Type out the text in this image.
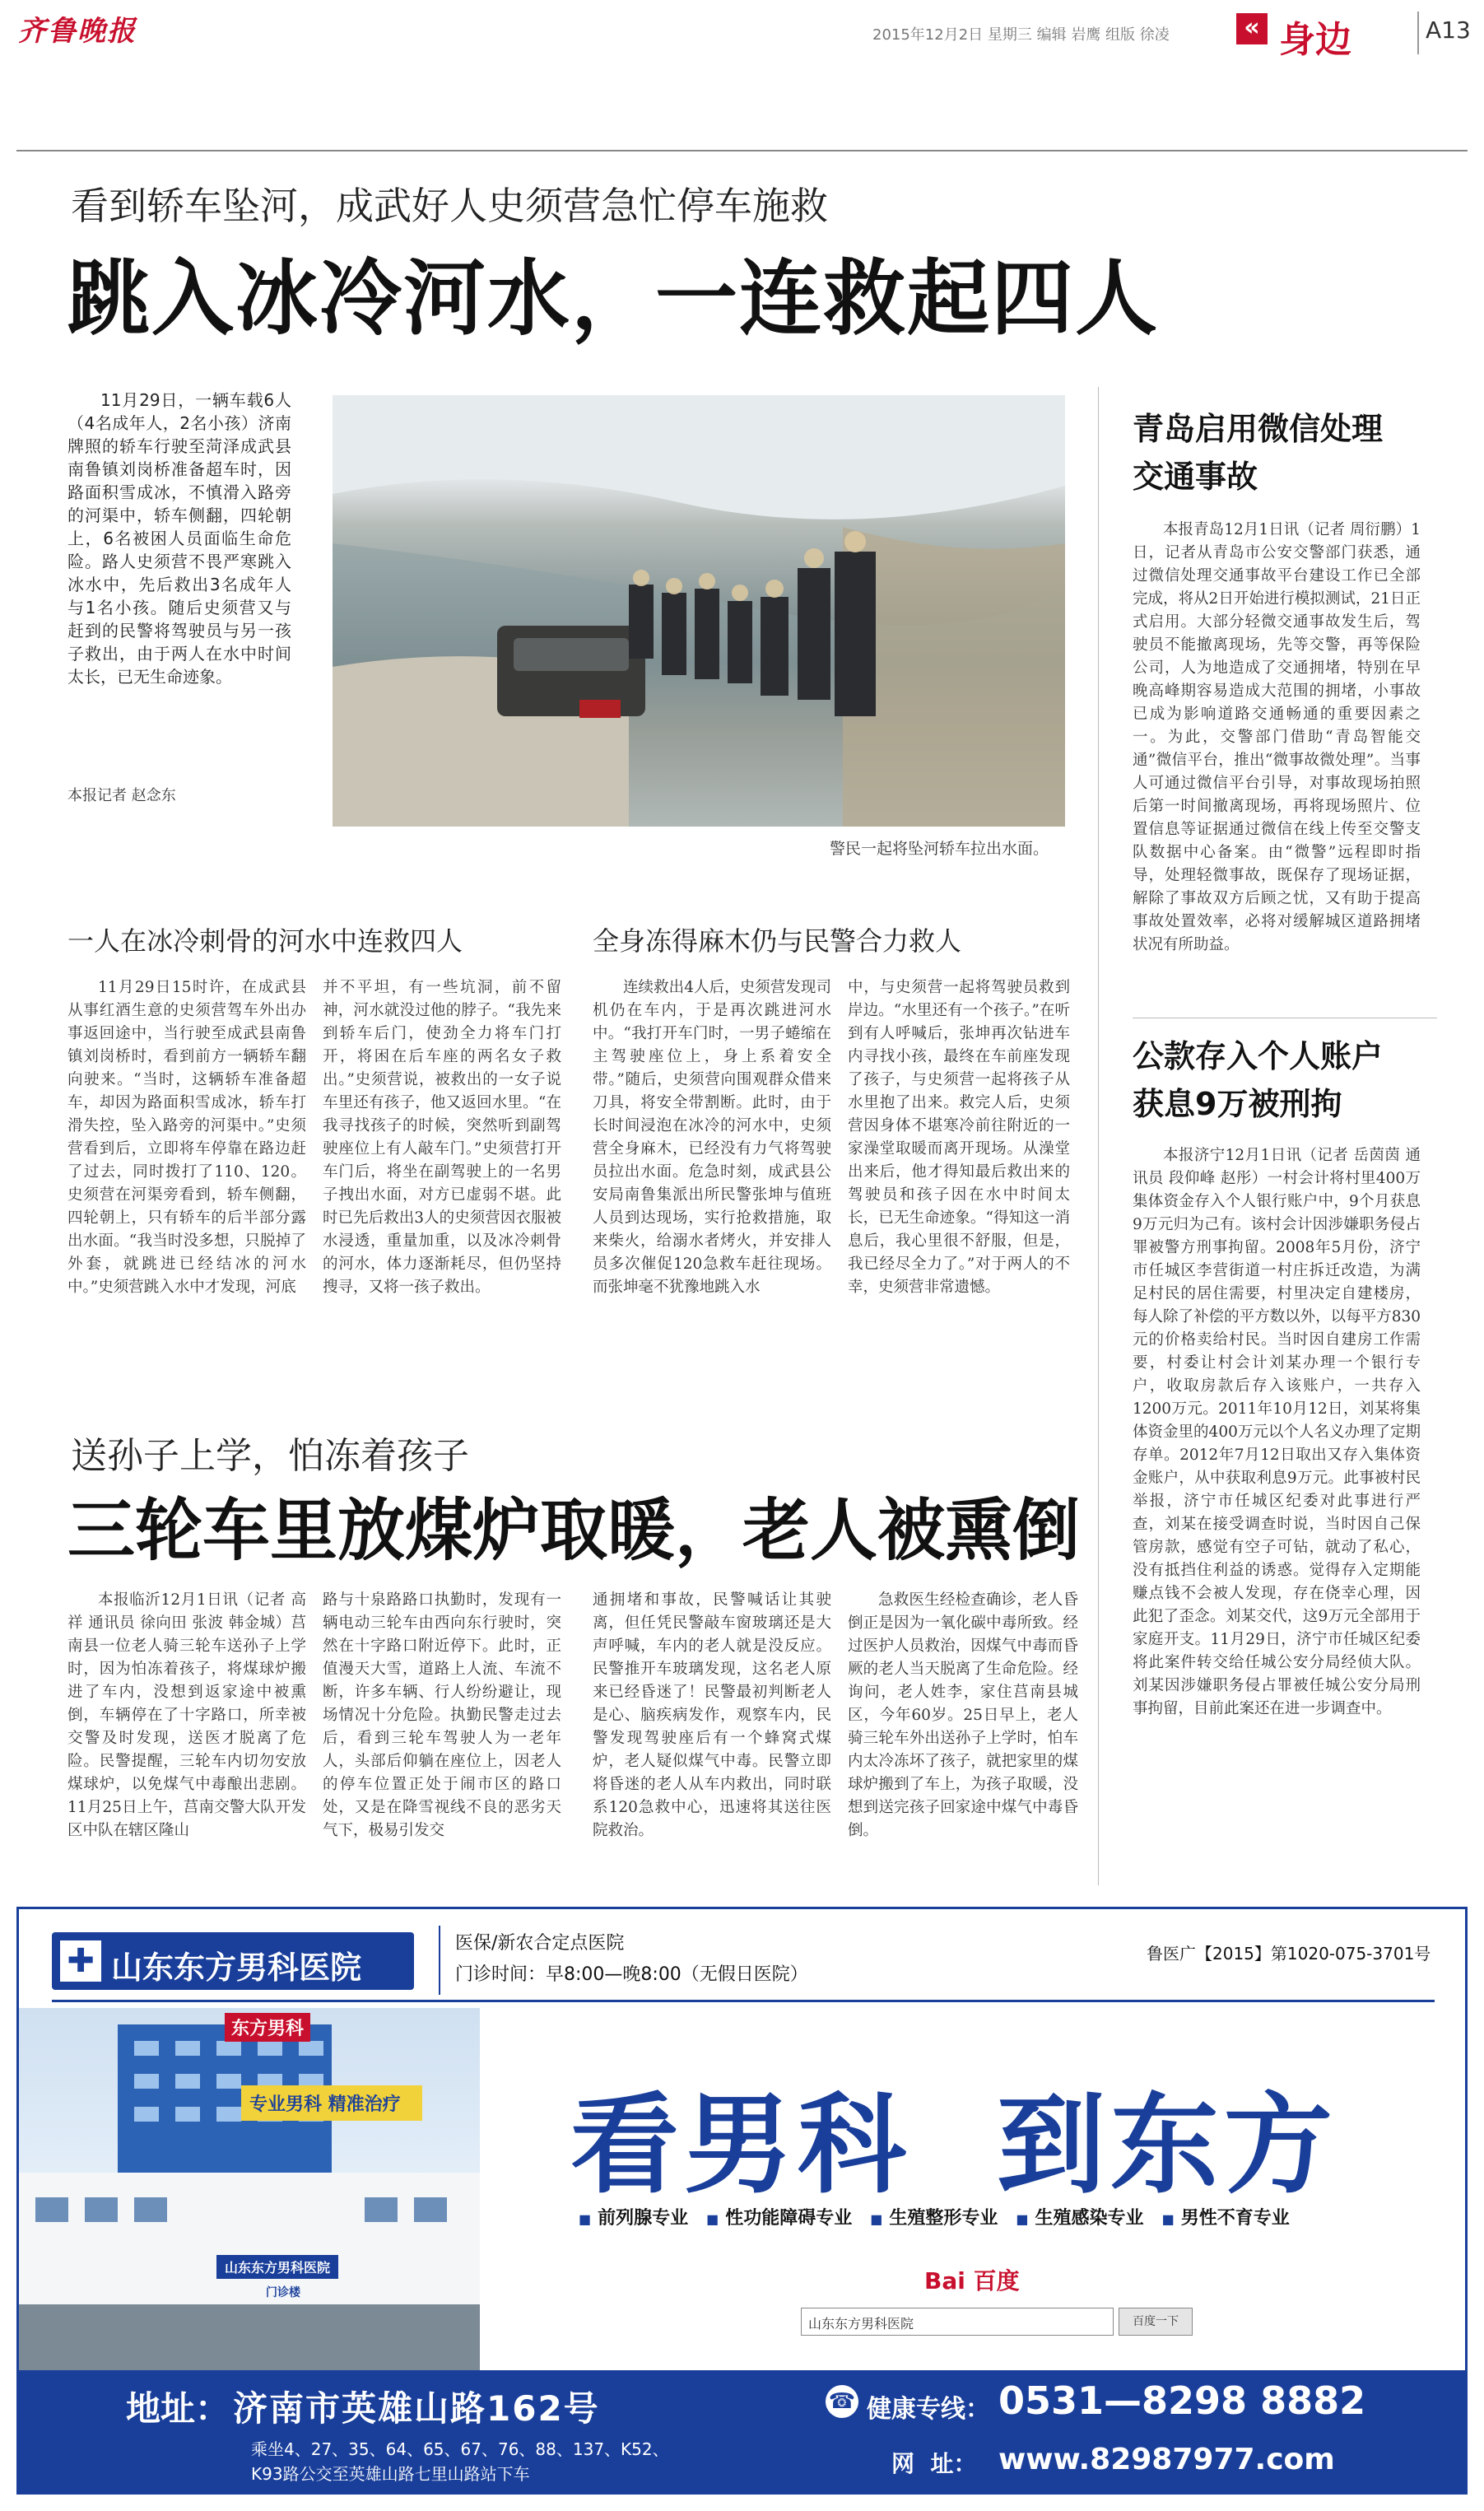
齐鲁晚报	2015年12月2日 星期三 编辑 岩鹰 组版 徐凌	« 身边	A13
看到轿车坠河，成武好人史须营急忙停车施救
跳入冰冷河水，一连救起四人
11月29日，一辆车载6人（4名成年人，2名小孩）济南牌照的轿车行驶至菏泽成武县南鲁镇刘岗桥准备超车时，因路面积雪成冰，不慎滑入路旁的河渠中，轿车侧翻，四轮朝上，6名被困人员面临生命危险。路人史须营不畏严寒跳入冰水中，先后救出3名成年人与1名小孩。随后史须营又与赶到的民警将驾驶员与另一孩子救出，由于两人在水中时间太长，已无生命迹象。
本报记者 赵念东
警民一起将坠河轿车拉出水面。
一人在冰冷刺骨的河水中连救四人	全身冻得麻木仍与民警合力救人

11月29日15时许，在成武县从事红酒生意的史须营驾车外出办事返回途中，当行驶至成武县南鲁镇刘岗桥时，看到前方一辆轿车翻向驶来。“当时，这辆轿车准备超车，却因为路面积雪成冰，轿车打滑失控，坠入路旁的河渠中。”史须营看到后，立即将车停靠在路边赶了过去，同时拨打了110、120。史须营在河渠旁看到，轿车侧翻，四轮朝上，只有轿车的后半部分露出水面。“我当时没多想，只脱掉了外套，就跳进已经结冰的河水中。”史须营跳入水中才发现，河底

并不平坦，有一些坑洞，前不留神，河水就没过他的脖子。“我先来到轿车后门，使劲全力将车门打开，将困在后车座的两名女子救出。”史须营说，被救出的一女子说车里还有孩子，他又返回水里。“在我寻找孩子的时候，突然听到副驾驶座位上有人敲车门。”史须营打开车门后，将坐在副驾驶上的一名男子拽出水面，对方已虚弱不堪。此时已先后救出3人的史须营因衣服被水浸透，重量加重，以及冰冷刺骨的河水，体力逐渐耗尽，但仍坚持搜寻，又将一孩子救出。

连续救出4人后，史须营发现司机仍在车内，于是再次跳进河水中。“我打开车门时，一男子蜷缩在主驾驶座位上，身上系着安全带。”随后，史须营向围观群众借来刀具，将安全带割断。此时，由于长时间浸泡在冰冷的河水中，史须营全身麻木，已经没有力气将驾驶员拉出水面。危急时刻，成武县公安局南鲁集派出所民警张坤与值班人员到达现场，实行抢救措施，取来柴火，给溺水者烤火，并安排人员多次催促120急救车赶往现场。而张坤毫不犹豫地跳入水

中，与史须营一起将驾驶员救到岸边。“水里还有一个孩子。”在听到有人呼喊后，张坤再次钻进车内寻找小孩，最终在车前座发现了孩子，与史须营一起将孩子从水里抱了出来。救完人后，史须营因身体不堪寒冷前往附近的一家澡堂取暖而离开现场。从澡堂出来后，他才得知最后救出来的驾驶员和孩子因在水中时间太长，已无生命迹象。“得知这一消息后，我心里很不舒服，但是，我已经尽全力了。”对于两人的不幸，史须营非常遗憾。

青岛启用微信处理交通事故
本报青岛12月1日讯（记者 周衍鹏）1日，记者从青岛市公安交警部门获悉，通过微信处理交通事故平台建设工作已全部完成，将从2日开始进行模拟测试，21日正式启用。大部分轻微交通事故发生后，驾驶员不能撤离现场，先等交警，再等保险公司，人为地造成了交通拥堵，特别在早晚高峰期容易造成大范围的拥堵，小事故已成为影响道路交通畅通的重要因素之一。为此，交警部门借助“青岛智能交通”微信平台，推出“微事故微处理”。当事人可通过微信平台引导，对事故现场拍照后第一时间撤离现场，再将现场照片、位置信息等证据通过微信在线上传至交警支队数据中心备案。由“微警”远程即时指导，处理轻微事故，既保存了现场证据，解除了事故双方后顾之忧，又有助于提高事故处置效率，必将对缓解城区道路拥堵状况有所助益。
公款存入个人账户获息9万被刑拘
本报济宁12月1日讯（记者 岳茵茵 通讯员 段仰峰 赵彤）一村会计将村里400万集体资金存入个人银行账户中，9个月获息9万元归为己有。该村会计因涉嫌职务侵占罪被警方刑事拘留。2008年5月份，济宁市任城区李营街道一村庄拆迁改造，为满足村民的居住需要，村里决定自建楼房，每人除了补偿的平方数以外，以每平方830元的价格卖给村民。当时因自建房工作需要，村委让村会计刘某办理一个银行专户，收取房款后存入该账户，一共存入1200万元。2011年10月12日，刘某将集体资金里的400万元以个人名义办理了定期存单。2012年7月12日取出又存入集体资金账户，从中获取利息9万元。此事被村民举报，济宁市任城区纪委对此事进行严查，刘某在接受调查时说，当时因自己保管房款，感觉有空子可钻，就动了私心，没有抵挡住利益的诱惑。觉得存入定期能赚点钱不会被人发现，存在侥幸心理，因此犯了歪念。刘某交代，这9万元全部用于家庭开支。11月29日，济宁市任城区纪委将此案件转交给任城公安分局经侦大队。刘某因涉嫌职务侵占罪被任城公安分局刑事拘留，目前此案还在进一步调查中。
送孙子上学，怕冻着孩子
三轮车里放煤炉取暖，老人被熏倒

本报临沂12月1日讯（记者 高祥 通讯员 徐向田 张波 韩金城）莒南县一位老人骑三轮车送孙子上学时，因为怕冻着孩子，将煤球炉搬进了车内，没想到返家途中被熏倒，车辆停在了十字路口，所幸被交警及时发现，送医才脱离了危险。民警提醒，三轮车内切勿安放煤球炉，以免煤气中毒酿出悲剧。11月25日上午，莒南交警大队开发区中队在辖区隆山

路与十泉路路口执勤时，发现有一辆电动三轮车由西向东行驶时，突然在十字路口附近停下。此时，正值漫天大雪，道路上人流、车流不断，许多车辆、行人纷纷避让，现场情况十分危险。执勤民警走过去后，看到三轮车驾驶人为一老年人，头部后仰躺在座位上，因老人的停车位置正处于闹市区的路口处，又是在降雪视线不良的恶劣天气下，极易引发交

通拥堵和事故，民警喊话让其驶离，但任凭民警敲车窗玻璃还是大声呼喊，车内的老人就是没反应。民警推开车玻璃发现，这名老人原来已经昏迷了！民警最初判断老人是心、脑疾病发作，观察车内，民警发现驾驶座后有一个蜂窝式煤炉，老人疑似煤气中毒。民警立即将昏迷的老人从车内救出，同时联系120急救中心，迅速将其送往医院救治。

急救医生经检查确诊，老人昏倒正是因为一氧化碳中毒所致。经过医护人员救治，因煤气中毒而昏厥的老人当天脱离了生命危险。经询问，老人姓李，家住莒南县城区，今年60岁。25日早上，老人骑三轮车外出送孙子上学时，怕车内太冷冻坏了孩子，就把家里的煤球炉搬到了车上，为孩子取暖，没想到送完孩子回家途中煤气中毒昏倒。

✚ 山东东方男科医院
医保/新农合定点医院
门诊时间：早8:00—晚8:00（无假日医院）
鲁医广【2015】第1020-075-3701号
东方男科
专业男科 精准治疗
山东东方男科医院
门诊楼
看男科  到东方
■ 前列腺专业	■ 性功能障碍专业	■ 生殖整形专业	■ 生殖感染专业	■ 男性不育专业
Bai 百度
山东东方男科医院	百度一下
地址： 济南市英雄山路162号
乘坐4、27、35、64、65、67、76、88、137、K52、
K93路公交至英雄山路七里山路站下车
☎ 健康专线： 0531—8298 8882
网  址： www.82987977.com
